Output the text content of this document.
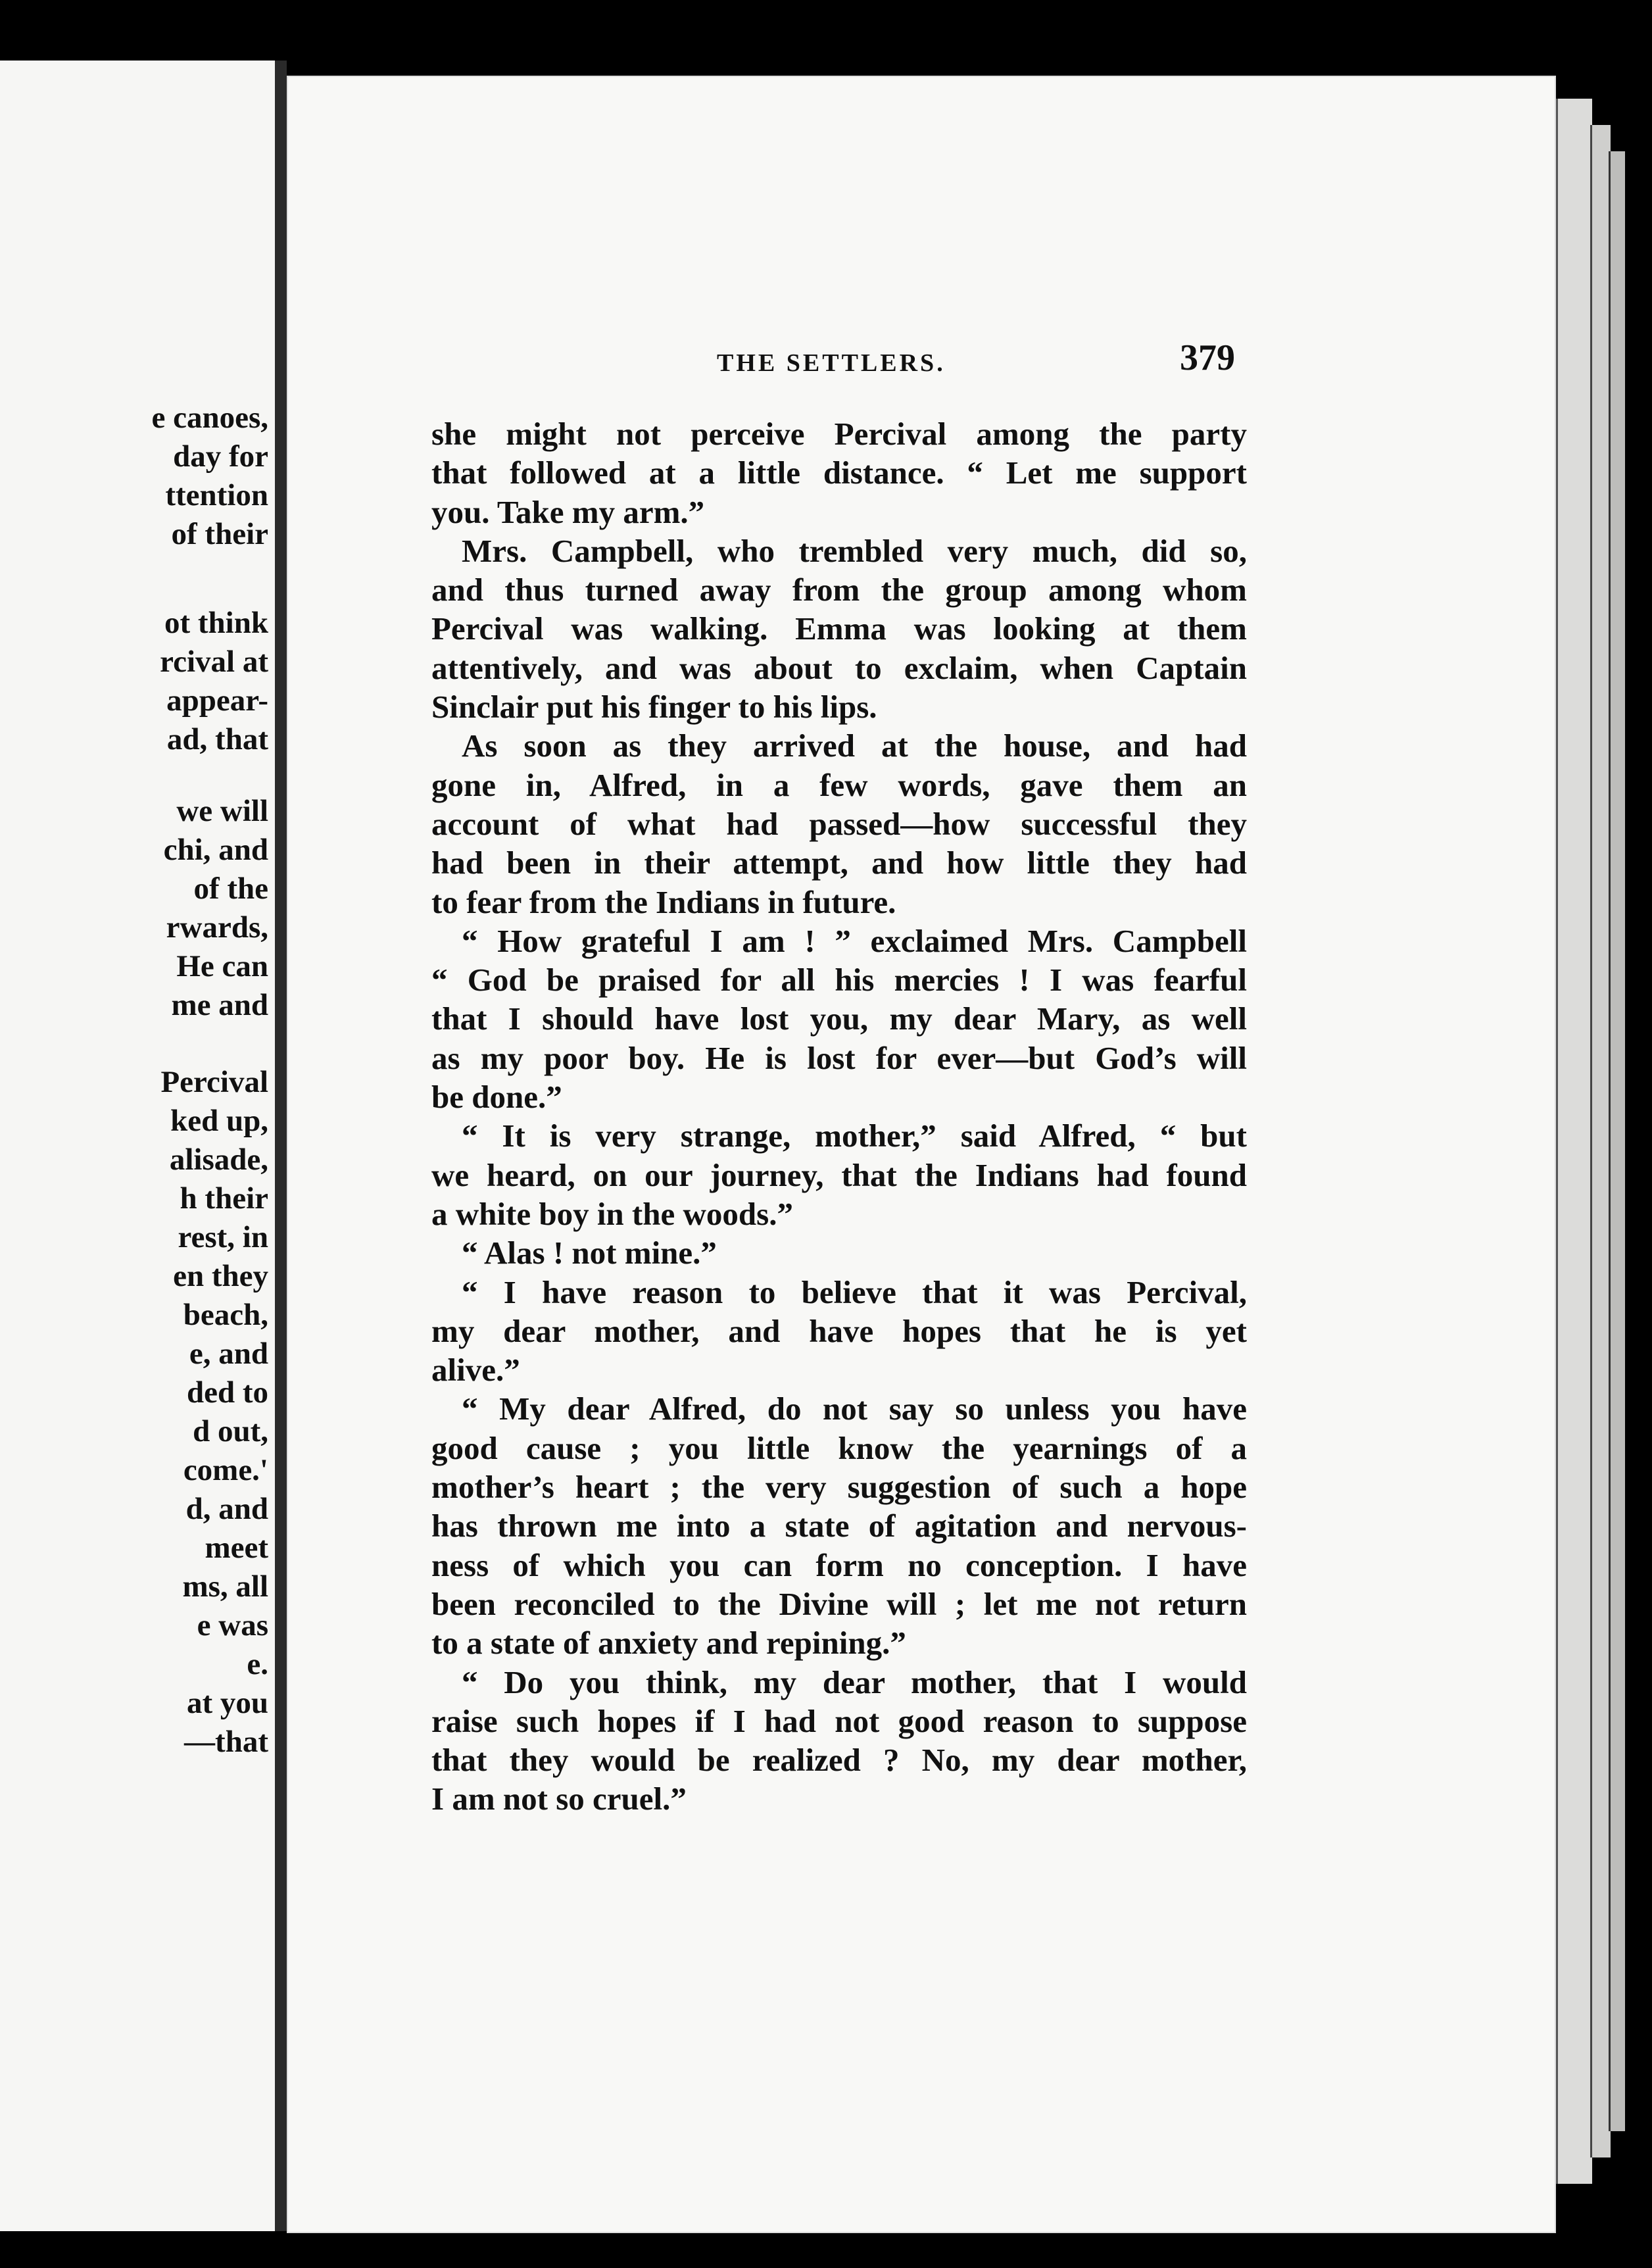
e canoes,
day for
ttention
of their
ot think
rcival at
appear-
ad, that
we will
chi, and
of the
rwards,
He can
me and
Percival
ked up,
alisade,
h their
rest, in
en they
beach,
e, and
ded to
d out,
come.'
d, and
meet
ms, all
e was
e.
at you
—that
THE SETTLERS.	379
she might not perceive Percival among the party
that followed at a little distance. “ Let me support
you. Take my arm.”
Mrs. Campbell, who trembled very much, did so,
and thus turned away from the group among whom
Percival was walking. Emma was looking at them
attentively, and was about to exclaim, when Captain
Sinclair put his finger to his lips.
As soon as they arrived at the house, and had
gone in, Alfred, in a few words, gave them an
account of what had passed—how successful they
had been in their attempt, and how little they had
to fear from the Indians in future.
“ How grateful I am ! ” exclaimed Mrs. Campbell
“ God be praised for all his mercies ! I was fearful
that I should have lost you, my dear Mary, as well
as my poor boy. He is lost for ever—but God’s will
be done.”
“ It is very strange, mother,” said Alfred, “ but
we heard, on our journey, that the Indians had found
a white boy in the woods.”
“ Alas ! not mine.”
“ I have reason to believe that it was Percival,
my dear mother, and have hopes that he is yet
alive.”
“ My dear Alfred, do not say so unless you have
good cause ; you little know the yearnings of a
mother’s heart ; the very suggestion of such a hope
has thrown me into a state of agitation and nervous-
ness of which you can form no conception. I have
been reconciled to the Divine will ; let me not return
to a state of anxiety and repining.”
“ Do you think, my dear mother, that I would
raise such hopes if I had not good reason to suppose
that they would be realized ? No, my dear mother,
I am not so cruel.”
